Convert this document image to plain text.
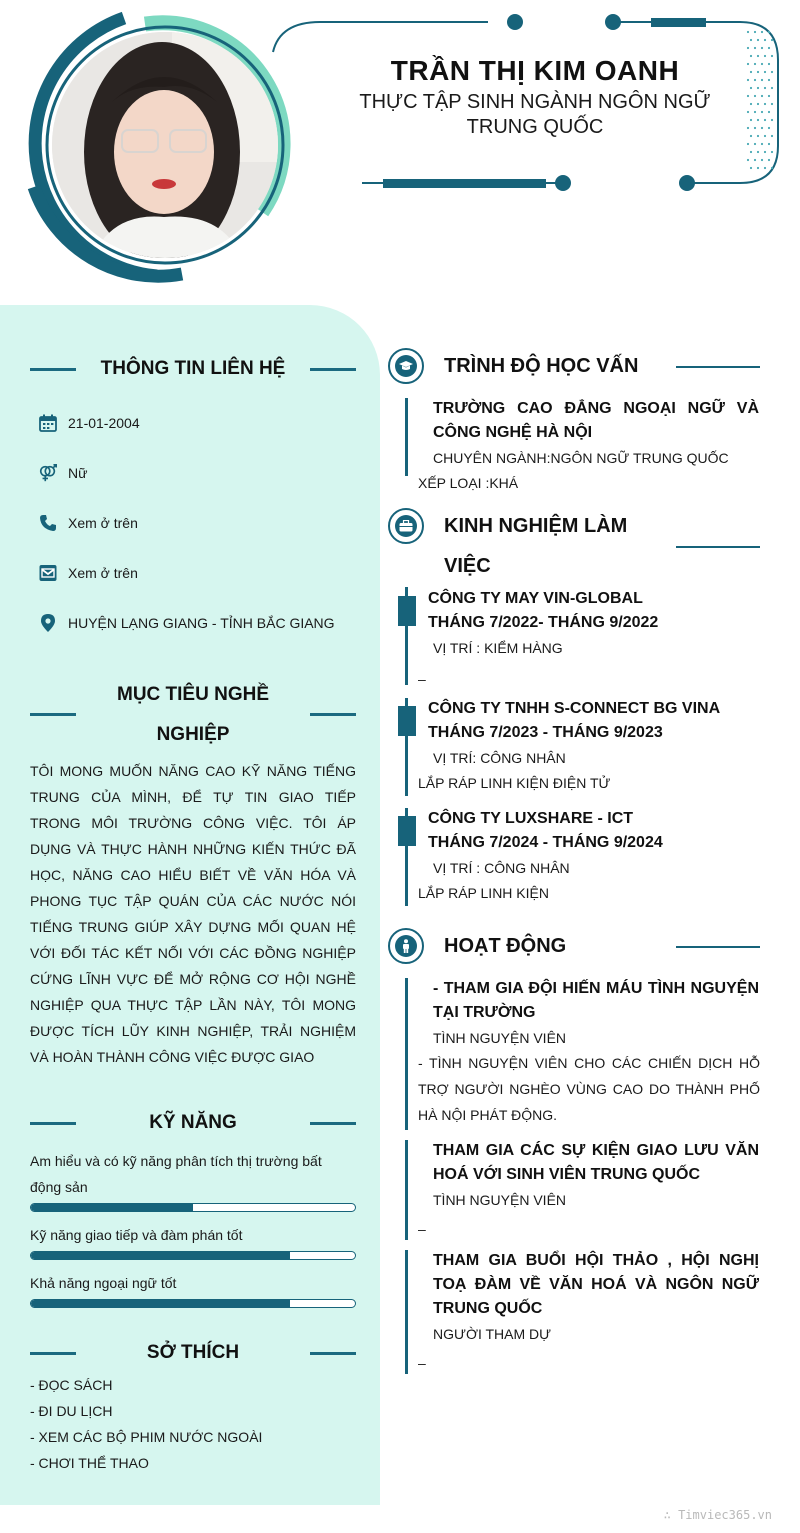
TRẦN THỊ KIM OANH
THỰC TẬP SINH NGÀNH NGÔN NGỮ TRUNG QUỐC
THÔNG TIN LIÊN HỆ
21-01-2004
Nữ
Xem ở trên
Xem ở trên
HUYỆN LẠNG GIANG - TỈNH BẮC GIANG
MỤC TIÊU NGHỀ
NGHIỆP
TÔI MONG MUỐN NĂNG CAO KỸ NĂNG TIẾNG TRUNG CỦA MÌNH, ĐỂ TỰ TIN GIAO TIẾP TRONG MÔI TRƯỜNG CÔNG VIỆC. TÔI ÁP DỤNG VÀ THỰC HÀNH NHỮNG KIẾN THỨC ĐÃ HỌC, NĂNG CAO HIỂU BIẾT VỀ VĂN HÓA VÀ PHONG TỤC TẬP QUÁN CỦA CÁC NƯỚC NÓI TIẾNG TRUNG GIÚP XÂY DỰNG MỐI QUAN HỆ VỚI ĐỐI TÁC KẾT NỐI VỚI CÁC ĐỒNG NGHIỆP CỨNG LĨNH VỰC ĐỂ MỞ RỘNG CƠ HỘI NGHỀ NGHIỆP QUA THỰC TẬP LẦN NÀY, TÔI MONG ĐƯỢC TÍCH LŨY KINH NGHIỆP, TRẢI NGHIỆM VÀ HOÀN THÀNH CÔNG VIỆC ĐƯỢC GIAO
KỸ NĂNG
Am hiểu và có kỹ năng phân tích thị trường bất động sản
Kỹ năng giao tiếp và đàm phán tốt
Khả năng ngoại ngữ tốt
SỞ THÍCH
- ĐỌC SÁCH
- ĐI DU LỊCH
- XEM CÁC BỘ PHIM NƯỚC NGOÀI
- CHƠI THỂ THAO
TRÌNH ĐỘ HỌC VẤN
TRƯỜNG CAO ĐẲNG NGOẠI NGỮ VÀ CÔNG NGHỆ HÀ NỘI
CHUYÊN NGÀNH:NGÔN NGỮ TRUNG QUỐC
XẾP LOẠI :KHÁ
KINH NGHIỆM LÀM
VIỆC
CÔNG TY MAY VIN-GLOBAL
THÁNG 7/2022- THÁNG 9/2022
VỊ TRÍ : KIỂM HÀNG
–
CÔNG TY TNHH S-CONNECT BG VINA
THÁNG 7/2023 - THÁNG 9/2023
VỊ TRÍ: CÔNG NHÂN
LẮP RÁP LINH KIỆN ĐIỆN TỬ
CÔNG TY LUXSHARE - ICT
THÁNG 7/2024 - THÁNG 9/2024
VỊ TRÍ : CÔNG NHÂN
LẮP RÁP LINH KIỆN
HOẠT ĐỘNG
- THAM GIA ĐỘI HIẾN MÁU TÌNH NGUYỆN TẠI TRƯỜNG
TÌNH NGUYỆN VIÊN
- TÌNH NGUYỆN VIÊN CHO CÁC CHIẾN DỊCH HỖ TRỢ NGƯỜI NGHÈO VÙNG CAO DO THÀNH PHỐ HÀ NỘI PHÁT ĐỘNG.
THAM GIA CÁC SỰ KIỆN GIAO LƯU VĂN HOÁ VỚI SINH VIÊN TRUNG QUỐC
TÌNH NGUYỆN VIÊN
–
THAM GIA BUỔI HỘI THẢO , HỘI NGHỊ TOẠ ĐÀM VỀ VĂN HOÁ VÀ NGÔN NGỮ TRUNG QUỐC
NGƯỜI THAM DỰ
–
∴ Timviec365.vn
